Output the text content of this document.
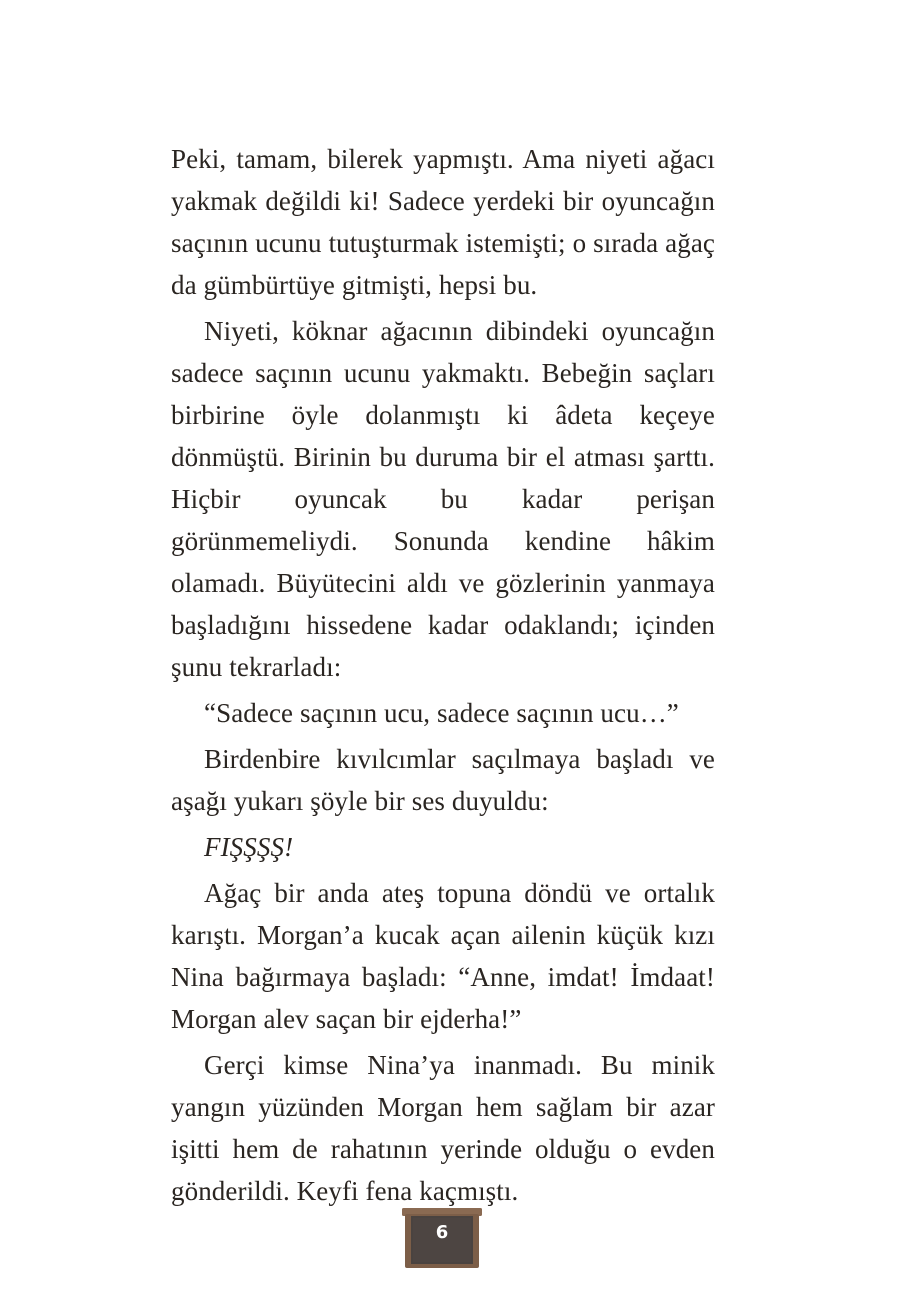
Peki, tamam, bilerek yapmıştı. Ama niyeti ağacı yakmak değildi ki! Sadece yerdeki bir oyuncağın saçının ucunu tutuşturmak istemişti; o sırada ağaç da gümbürtüye gitmişti, hepsi bu.

Niyeti, köknar ağacının dibindeki oyuncağın sadece saçının ucunu yakmaktı. Bebeğin saçları birbirine öyle dolanmıştı ki âdeta keçeye dönmüştü. Birinin bu duruma bir el atması şarttı. Hiçbir oyuncak bu kadar perişan görünmemeliydi. Sonunda kendine hâkim olamadı. Büyütecini aldı ve gözlerinin yanmaya başladığını hissedene kadar odaklandı; içinden şunu tekrarladı:

“Sadece saçının ucu, sadece saçının ucu…”

Birdenbire kıvılcımlar saçılmaya başladı ve aşağı yukarı şöyle bir ses duyuldu:

FIŞŞŞŞ!

Ağaç bir anda ateş topuna döndü ve ortalık karıştı. Morgan’a kucak açan ailenin küçük kızı Nina bağırmaya başladı: “Anne, imdat! İmdaat! Morgan alev saçan bir ejderha!”

Gerçi kimse Nina’ya inanmadı. Bu minik yangın yüzünden Morgan hem sağlam bir azar işitti hem de rahatının yerinde olduğu o evden gönderildi. Keyfi fena kaçmıştı.

6
